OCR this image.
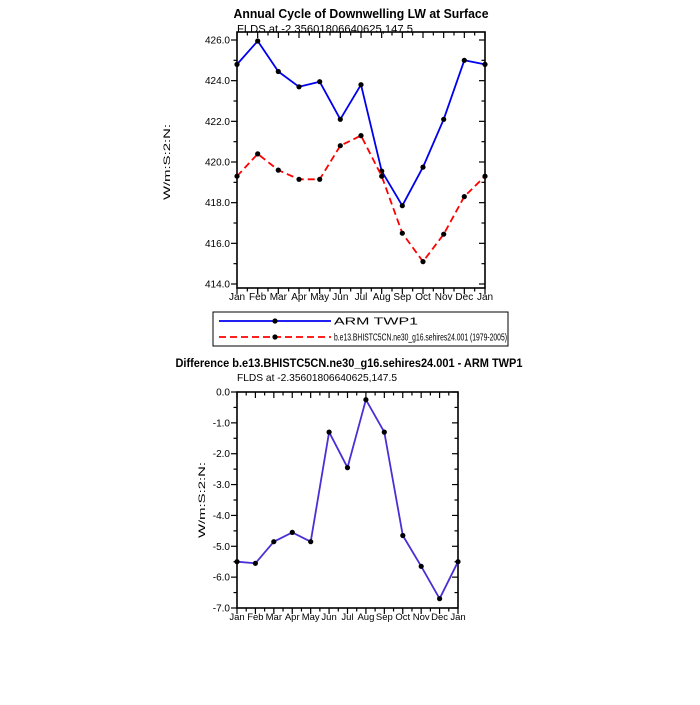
Annual Cycle of Downwelling LW at Surface
FLDS at -2.35601806640625,147.5
W/m:S:2:N:
Jan Feb Mar Apr May Jun Jul Aug Sep Oct Nov Dec Jan
426.0
424.0
422.0
420.0
418.0
416.0
414.0
ARM TWP1
b.e13.BHISTC5CN.ne30_g16.sehires24.001 (1979-2005)
Difference b.e13.BHISTC5CN.ne30_g16.sehires24.001 - ARM TWP1
FLDS at -2.35601806640625,147.5
W/m:S:2:N:
Jan Feb Mar Apr May Jun Jul Aug Sep Oct Nov Dec Jan
0.0
-1.0
-2.0
-3.0
-4.0
-5.0
-6.0
-7.0
